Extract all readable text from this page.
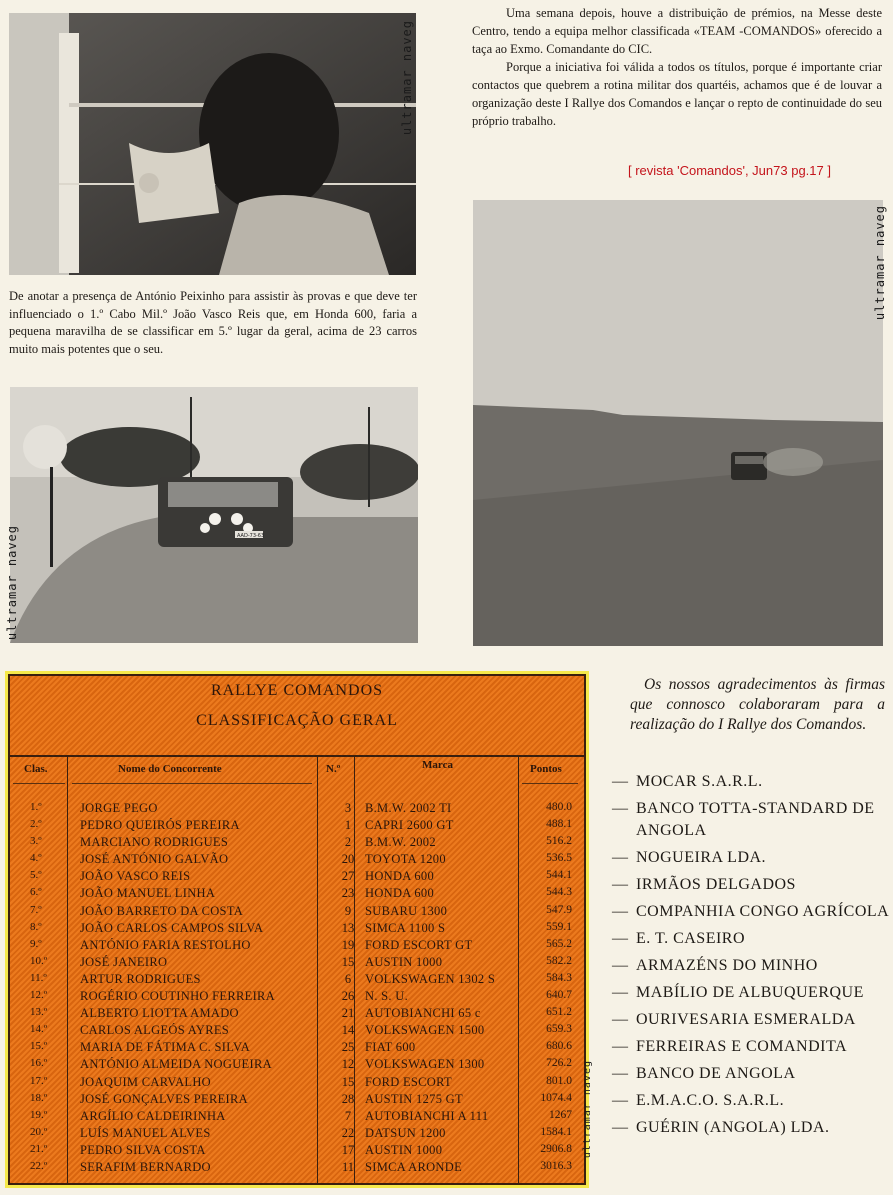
ultramar naveg

De anotar a presença de António Peixinho para assistir às provas e que deve ter influenciado o 1.º Cabo Mil.º João Vasco Reis que, em Honda 600, faria a pequena maravilha de se classificar em 5.º lugar da geral, acima de 23 carros muito mais potentes que o seu.

AAD-73-63
ultramar naveg

Uma semana depois, houve a distribuição de prémios, na Messe deste Centro, tendo a equipa melhor classificada «TEAM -COMANDOS» oferecido a taça ao Exmo. Comandante do CIC.

Porque a iniciativa foi válida a todos os títulos, porque é importante criar contactos que quebrem a rotina militar dos quartéis, achamos que é de louvar a organização deste I Rallye dos Comandos e lançar o repto de continuidade do seu próprio trabalho.

[ revista 'Comandos', Jun73 pg.17 ]
ultramar naveg
RALLYE COMANDOS
CLASSIFICAÇÃO GERAL
Clas.	Nome do Concorrente	N.º	Marca	Pontos
1.º	JORGE PEGO	3	B.M.W. 2002 TI	480.0
2.º	PEDRO QUEIRÓS PEREIRA	1	CAPRI 2600 GT	488.1
3.º	MARCIANO RODRIGUES	2	B.M.W. 2002	516.2
4.º	JOSÉ ANTÓNIO GALVÃO	20 TOYOTA 1200	536.5
5.º	JOÃO VASCO REIS	27 HONDA 600	544.1
6.º	JOÃO MANUEL LINHA	23 HONDA 600	544.3
7.º	JOÃO BARRETO DA COSTA	9	SUBARU 1300	547.9
8.º	JOÃO CARLOS CAMPOS SILVA	13 SIMCA 1100 S	559.1
9.º	ANTÓNIO FARIA RESTOLHO	19 FORD ESCORT GT	565.2
10.º	JOSÉ JANEIRO	15 AUSTIN 1000	582.2
11.º	ARTUR RODRIGUES	6	VOLKSWAGEN 1302 S	584.3
12.º	ROGÉRIO COUTINHO FERREIRA	26 N. S. U.	640.7
13.º	ALBERTO LIOTTA AMADO	21 AUTOBIANCHI 65 c	651.2
14.º	CARLOS ALGEÓS AYRES	14 VOLKSWAGEN 1500	659.3
15.º	MARIA DE FÁTIMA C. SILVA	25 FIAT 600	680.6
16.º	ANTÓNIO ALMEIDA NOGUEIRA	12 VOLKSWAGEN 1300	726.2
17.º	JOAQUIM CARVALHO	15 FORD ESCORT	801.0
18.º	JOSÉ GONÇALVES PEREIRA	28 AUSTIN 1275 GT	1074.4
19.º	ARGÍLIO CALDEIRINHA	7	AUTOBIANCHI A 111	1267
20.º	LUÍS MANUEL ALVES	22 DATSUN 1200	1584.1
21.º	PEDRO SILVA COSTA	17 AUSTIN 1000	2906.8
22.º	SERAFIM BERNARDO	11 SIMCA ARONDE	3016.3
ultramar naveg

Os nossos agradecimentos às firmas que connosco colaboraram para a realização do I Rallye dos Comandos.

— MOCAR S.A.R.L.
— BANCO TOTTA-STANDARD DE ANGOLA
— NOGUEIRA LDA.
— IRMÃOS DELGADOS
— COMPANHIA CONGO AGRÍCOLA
— E. T. CASEIRO
— ARMAZÉNS DO MINHO
— MABÍLIO DE ALBUQUERQUE
— OURIVESARIA ESMERALDA
— FERREIRAS E COMANDITA
— BANCO DE ANGOLA
— E.M.A.C.O. S.A.R.L.
— GUÉRIN (ANGOLA) LDA.
